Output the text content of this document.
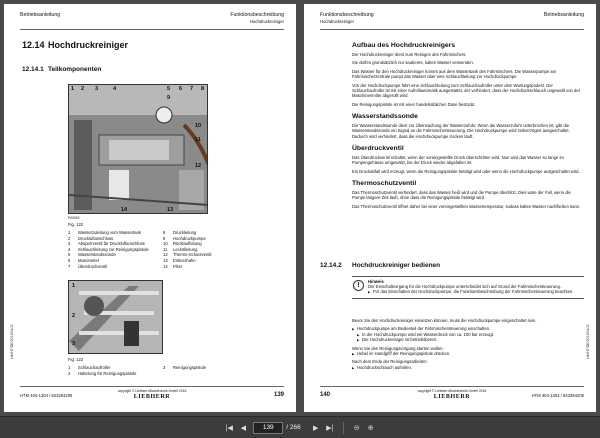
Betriebsanleitung	Funktionsbeschreibung
Hochdruckreiniger
12.14 Hochdruckreiniger
12.14.1 Teilkomponenten
1 2 3	4	5 6 7 8
9
10
11
12
13
14
P00002
Fig. 122
1	Wasserzuleitung vom Wassertank	8	Druckleitung
2	Druckluftanschluss	9	Hochdruckpumpe
3	Absperrventil für Druckluftanschluss	10	Rücklaufleitung
4	Schlauchleitung zur Reinigungspistole	11	Leckölleitung
5	Wasserstandssonde	12	Thermo-Schutzventil
6	Manometer	13	Entleerhahn
7	Überdruckventil	14	Filter
1
2
3
Fig. 123
1	Schlauchaufroller	3	Reinigungspistole
2	Halterung für Reinigungspistole
LHI/HT/DE/2019/04/11
HTM 404-1304 / 823354205
copyright © Liebherr-Mischtechnik GmbH 2016
LIEBHERR	139
Funktionsbeschreibung	Betriebsanleitung
Hochdruckreiniger
Aufbau des Hochdruckreinigers
Der Hochdruckreiniger dient zum Reinigen des Fahrmischers.
Sie dürfen grundsätzlich nur sauberes, kaltes Wasser verwenden.
Das Wasser für den Hochdruckreiniger kommt aus dem Wassertank des Fahrmischers. Die Wasserpumpe am Fahrmischerzentrale pumpt das Wasser über eine Schlauchleitung zur Hochdruckpumpe.
Von der Hochdruckpumpe führt eine Schlauchleitung zum Schlauchaufroller unter dem Wartungspodest. Der Schlauchaufroller ist mit einer Aufrollautomatik ausgestattet, der verhindert, dass der Hochdruckschlauch ungewollt von der Maschinenmitte abgerollt wird.
Die Reinigungspistole ist mit einer handelsüblichen Düse bestückt.
Wasserstandssonde
Die Wasserstandssonde dient zur Überwachung der Wasserzufuhr. Wenn die Wasserzufuhr unterbrochen ist, gibt die Wasserstandssonde ein Signal an die Fahrmischersteuerung. Die Hochdruckpumpe wird zeitverzögert ausgeschaltet. Dadurch wird verhindert, dass die Hochdruckpumpe trocken läuft.
Überdruckventil
Das Überdruckventil schaltet, wenn der voreingestellte Druck überschritten wird. Nun wird das Wasser so lange im Pumpengehäuse umgewälzt, bis der Druck wieder abgefallen ist.
Ein Druckabfall wird erzeugt, wenn die Reinigungspistole betätigt wird oder wenn die Hochdruckpumpe ausgeschaltet wird.
Thermoschutzventil
Das Thermoschutzventil verhindert, dass das Wasser heiß wird und die Pumpe überhitzt. Dies wäre der Fall, wenn die Pumpe längere Zeit läuft, ohne dass die Reinigungspistole betätigt wird.
Das Thermoschutzventil öffnet daher bei einer voreingestellten Wassertemperatur, sodass kaltes Wasser nachfließen kann.
12.14.2 Hochdruckreiniger bedienen
!
Hinweis
Der Einschaltvorgang für die Hochdruckpumpe unterscheidet sich auf Grund der Fahrmischersteuerung.
▶ Für das Einschalten der Hochdruckpumpe, die Funktionsbeschreibung der Fahrmischersteuerung beachten.
Bevor Sie den Hochdruckreiniger einsetzen können, muss die Hochdruckpumpe eingeschaltet sein.
▶ Hochdruckpumpe am Bedienteil der Fahrmischersteuerung einschalten.
▶ In der Hochdruckpumpe wird ein Wasserdruck von ca. 100 bar erzeugt.
▶ Der Hochdruckreiniger ist betriebsbereit.
Wenn Sie den Reinigungsvorgang starten wollen:
▶ Hebel im Handgriff der Reinigungspistole drücken.
Nach dem Ende der Reinigungsarbeiten:
▶ Hochdruckschlauch aufrollen.
LHI/HT/DE/2019/04/11
140
copyright © Liebherr-Mischtechnik GmbH 2016
LIEBHERR	HTM 404-1304 / 823354205
|◀	◀
139	/ 266	▶	▶|	⊖	⊕
